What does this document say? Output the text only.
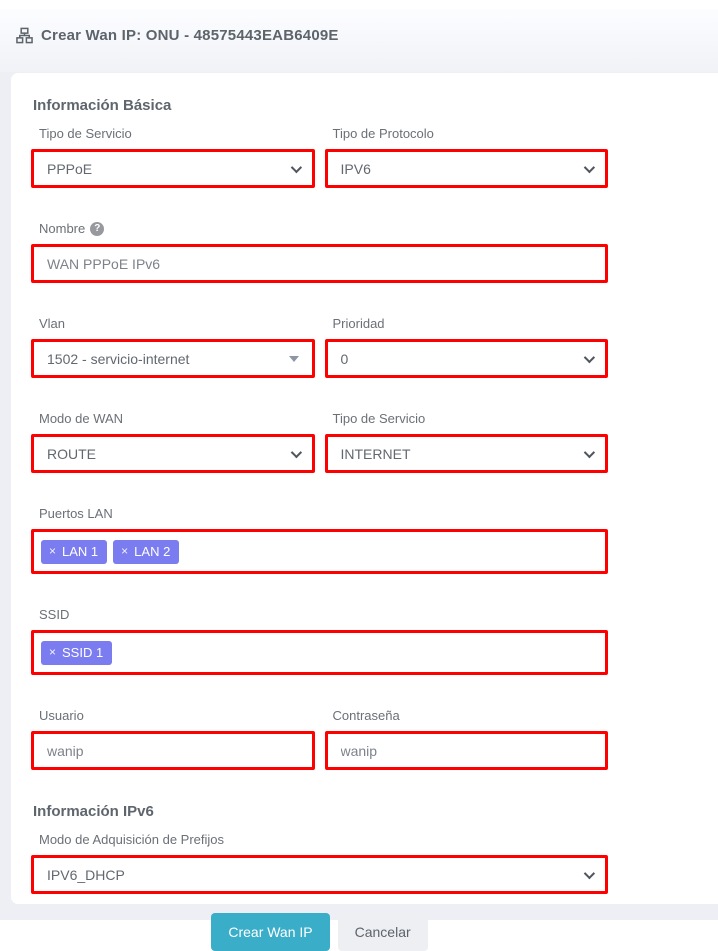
Crear Wan IP: ONU - 48575443EAB6409E
Información Básica
Tipo de Servicio
PPPoE
Tipo de Protocolo
IPV6
Nombre ?
WAN PPPoE IPv6
Vlan
1502 - servicio-internet
Prioridad
0
Modo de WAN
ROUTE
Tipo de Servicio
INTERNET
Puertos LAN
× LAN 1 × LAN 2
SSID
× SSID 1
Usuario
wanip	Contraseña
wanip
Información IPv6
Modo de Adquisición de Prefijos
IPV6_DHCP
Crear Wan IP	Cancelar
